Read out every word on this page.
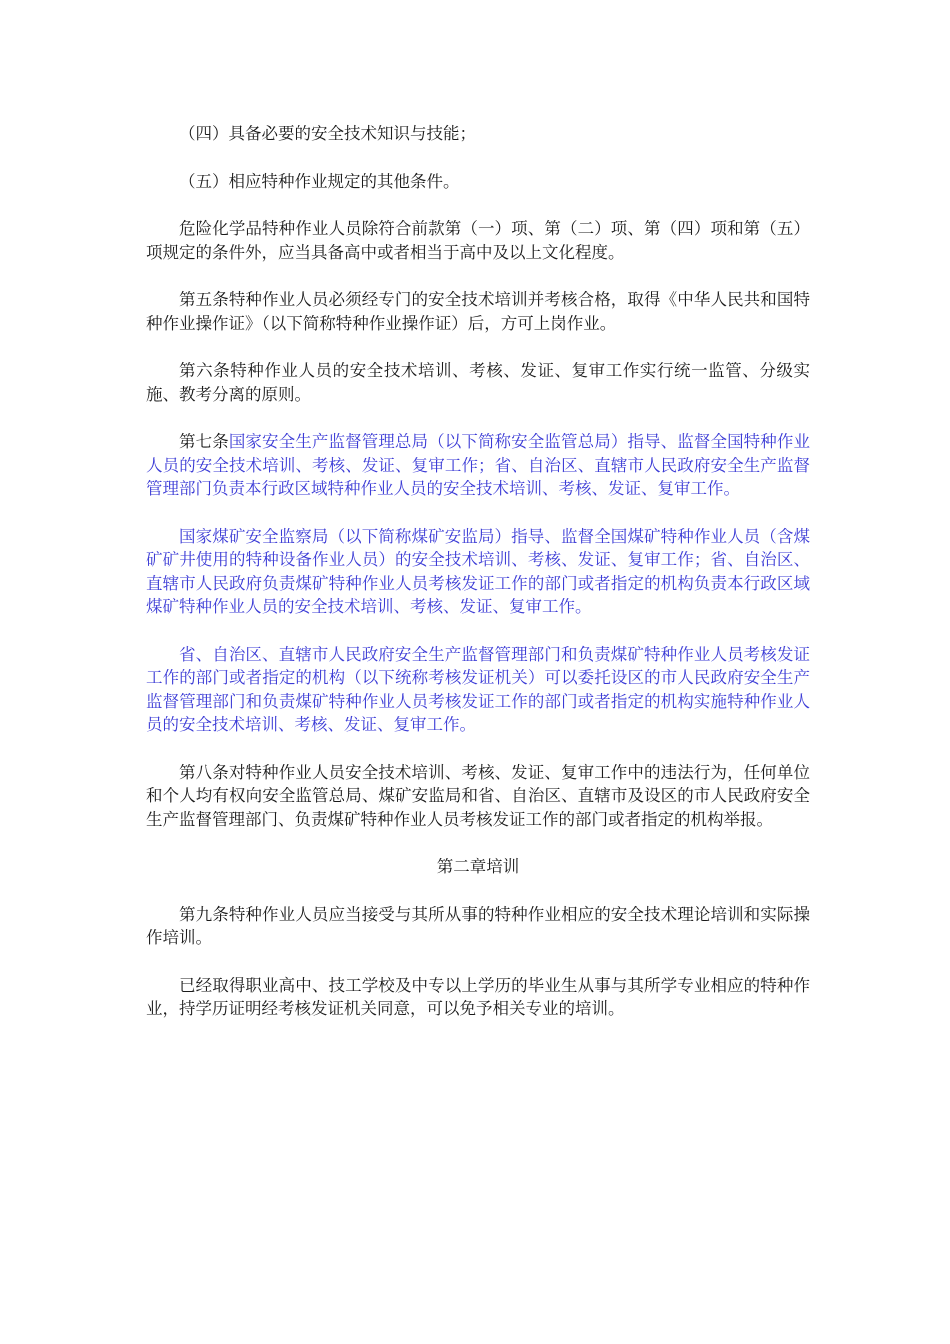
（四）具备必要的安全技术知识与技能；

（五）相应特种作业规定的其他条件。

危险化学品特种作业人员除符合前款第（一）项、第（二）项、第（四）项和第（五）项规定的条件外，应当具备高中或者相当于高中及以上文化程度。

第五条特种作业人员必须经专门的安全技术培训并考核合格，取得《中华人民共和国特种作业操作证》（以下简称特种作业操作证）后，方可上岗作业。

第六条特种作业人员的安全技术培训、考核、发证、复审工作实行统一监管、分级实施、教考分离的原则。

第七条国家安全生产监督管理总局（以下简称安全监管总局）指导、监督全国特种作业人员的安全技术培训、考核、发证、复审工作；省、自治区、直辖市人民政府安全生产监督管理部门负责本行政区域特种作业人员的安全技术培训、考核、发证、复审工作。

国家煤矿安全监察局（以下简称煤矿安监局）指导、监督全国煤矿特种作业人员（含煤矿矿井使用的特种设备作业人员）的安全技术培训、考核、发证、复审工作；省、自治区、直辖市人民政府负责煤矿特种作业人员考核发证工作的部门或者指定的机构负责本行政区域煤矿特种作业人员的安全技术培训、考核、发证、复审工作。

省、自治区、直辖市人民政府安全生产监督管理部门和负责煤矿特种作业人员考核发证工作的部门或者指定的机构（以下统称考核发证机关）可以委托设区的市人民政府安全生产监督管理部门和负责煤矿特种作业人员考核发证工作的部门或者指定的机构实施特种作业人员的安全技术培训、考核、发证、复审工作。

第八条对特种作业人员安全技术培训、考核、发证、复审工作中的违法行为，任何单位和个人均有权向安全监管总局、煤矿安监局和省、自治区、直辖市及设区的市人民政府安全生产监督管理部门、负责煤矿特种作业人员考核发证工作的部门或者指定的机构举报。

第二章培训

第九条特种作业人员应当接受与其所从事的特种作业相应的安全技术理论培训和实际操作培训。

已经取得职业高中、技工学校及中专以上学历的毕业生从事与其所学专业相应的特种作业，持学历证明经考核发证机关同意，可以免予相关专业的培训。
